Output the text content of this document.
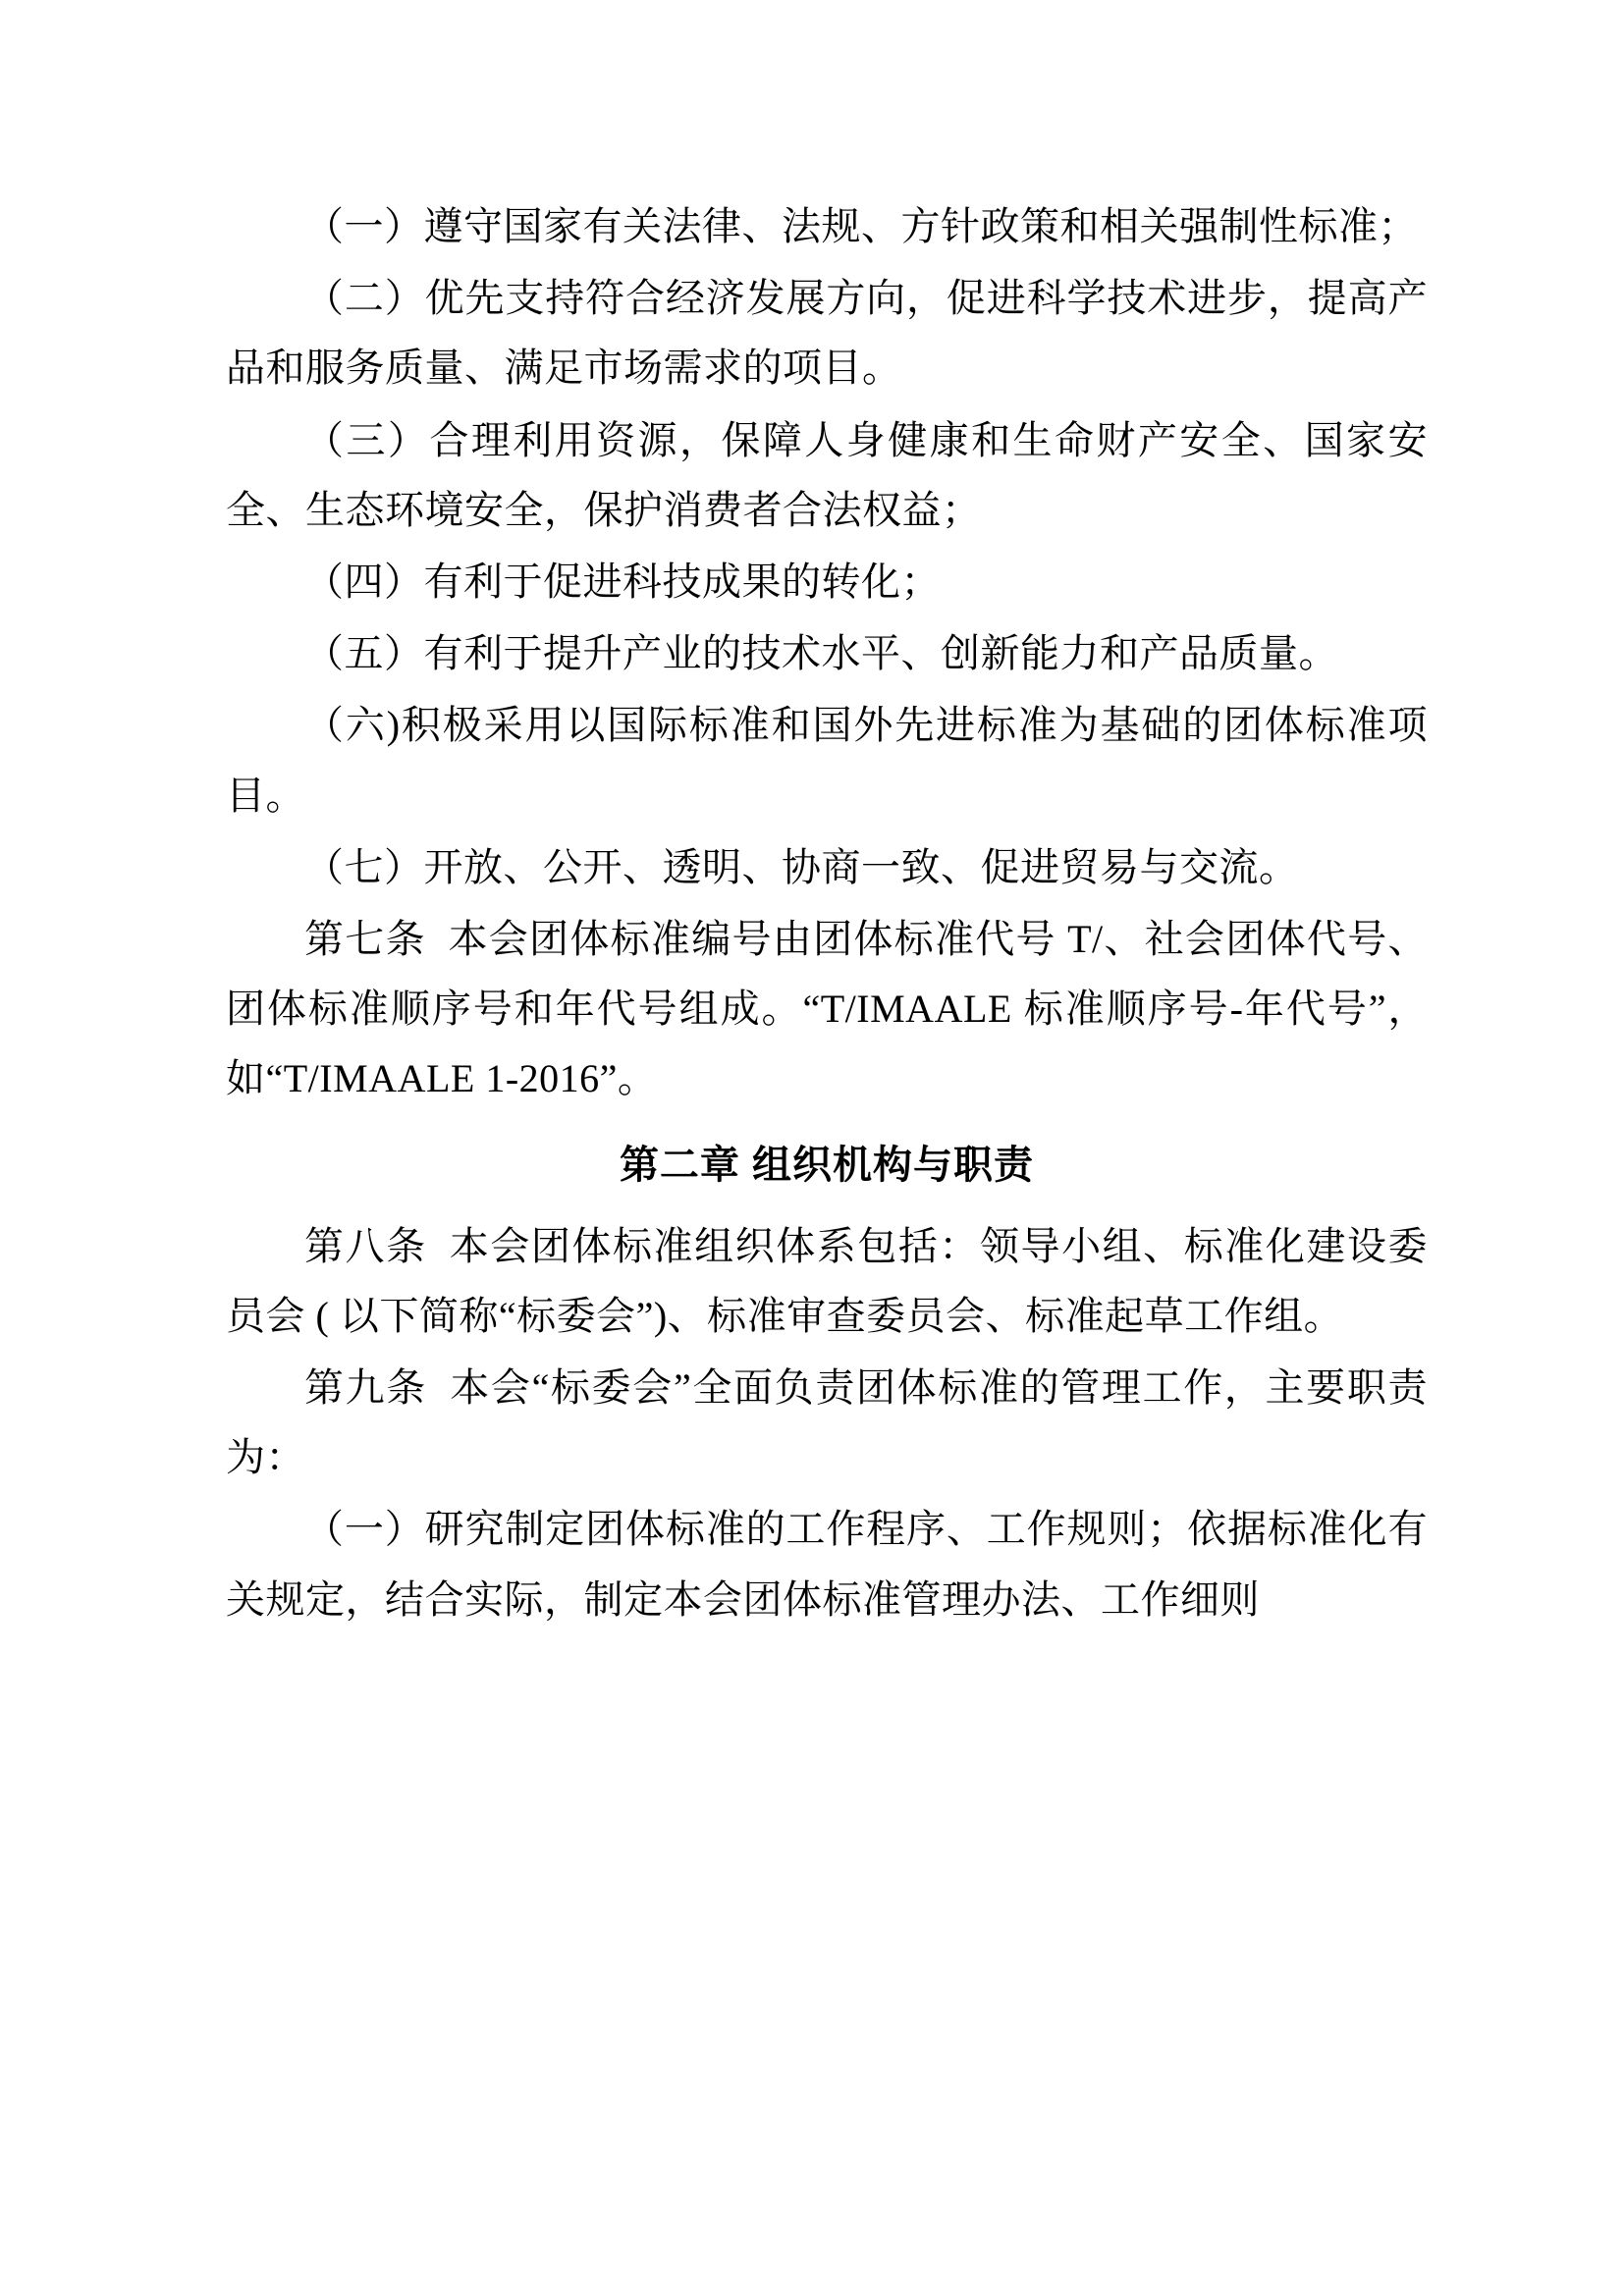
（一）遵守国家有关法律、法规、方针政策和相关强制性标准；

（二）优先支持符合经济发展方向，促进科学技术进步，提高产品和服务质量、满足市场需求的项目。

（三）合理利用资源，保障人身健康和生命财产安全、国家安全、生态环境安全，保护消费者合法权益；

（四）有利于促进科技成果的转化；

（五）有利于提升产业的技术水平、创新能力和产品质量。

（六)积极采用以国际标准和国外先进标准为基础的团体标准项目。

（七）开放、公开、透明、协商一致、促进贸易与交流。

第七条  本会团体标准编号由团体标准代号 T/、社会团体代号、团体标准顺序号和年代号组成。“T/IMAALE 标准顺序号-年代号”，如“T/IMAALE 1-2016”。

第二章 组织机构与职责

第八条  本会团体标准组织体系包括：领导小组、标准化建设委员会 ( 以下简称“标委会”)、标准审查委员会、标准起草工作组。

第九条  本会“标委会”全面负责团体标准的管理工作，主要职责为：

（一）研究制定团体标准的工作程序、工作规则；依据标准化有关规定，结合实际，制定本会团体标准管理办法、工作细则
